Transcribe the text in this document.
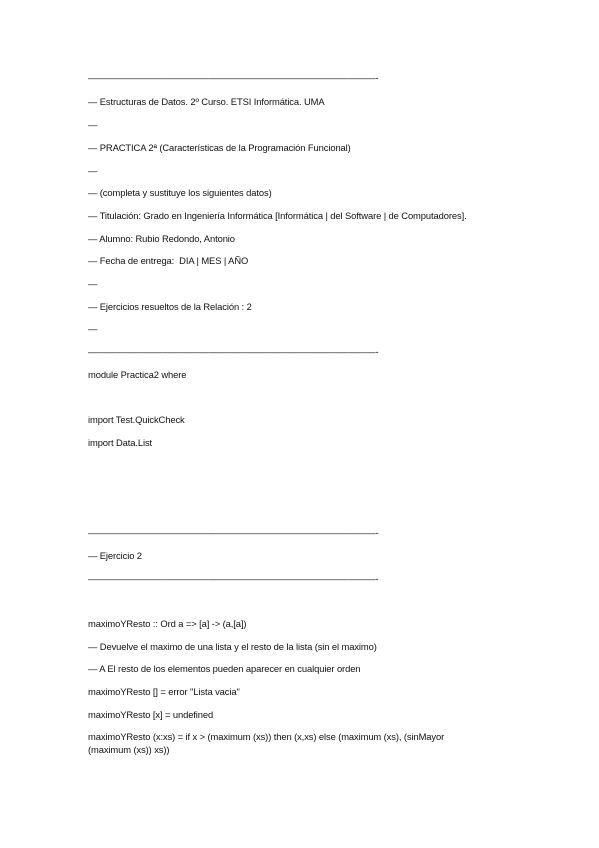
———————————————————————————————-
— Estructuras de Datos. 2º Curso. ETSI Informática. UMA
—
— PRACTICA 2ª (Características de la Programación Funcional)
—
— (completa y sustituye los siguientes datos)
— Titulación: Grado en Ingeniería Informática [Informática | del Software | de Computadores].
— Alumno: Rubio Redondo, Antonio
— Fecha de entrega:  DIA | MES | AÑO
—
— Ejercicios resueltos de la Relación : 2
—
———————————————————————————————-
module Practica2 where
import Test.QuickCheck
import Data.List
———————————————————————————————-
— Ejercicio 2
———————————————————————————————-
maximoYResto :: Ord a => [a] -> (a,[a])
— Devuelve el maximo de una lista y el resto de la lista (sin el maximo)
— A El resto de los elementos pueden aparecer en cualquier orden
maximoYResto [] = error "Lista vacia"
maximoYResto [x] = undefined
maximoYResto (x:xs) = if x > (maximum (xs)) then (x,xs) else (maximum (xs), (sinMayor (maximum (xs)) xs))
